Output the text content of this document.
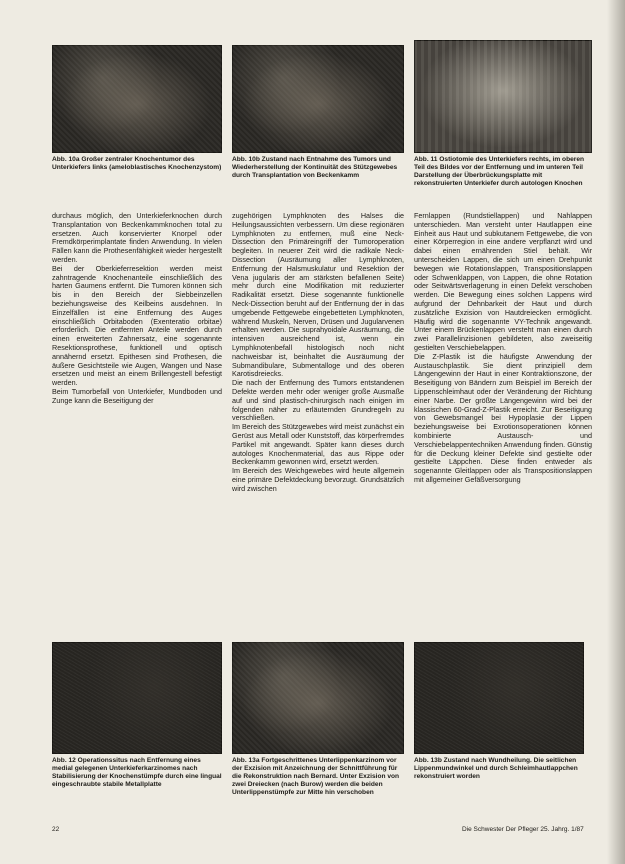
Abb. 10a Großer zentraler Knochentumor des Unterkiefers links (ameloblastisches Knochenzystom)
Abb. 10b Zustand nach Entnahme des Tumors und Wiederherstellung der Kontinuität des Stützgewebes durch Transplantation von Beckenkamm
Abb. 11 Ostiotomie des Unterkiefers rechts, im oberen Teil des Bildes vor der Entfernung und im unteren Teil Darstellung der Überbrückungsplatte mit rekonstruierten Unterkiefer durch autologen Knochen

durchaus möglich, den Unterkieferknochen durch Transplantation von Beckenkammknochen total zu ersetzen. Auch konservierter Knorpel oder Fremdkörperimplantate finden Anwendung. In vielen Fällen kann die Prothesenfähigkeit wieder hergestellt werden.

Bei der Oberkieferresektion werden meist zahntragende Knochenanteile einschließlich des harten Gaumens entfernt. Die Tumoren können sich bis in den Bereich der Siebbeinzellen beziehungsweise des Keilbeins ausdehnen. In Einzelfällen ist eine Entfernung des Auges einschließlich Orbitaboden (Exenteratio orbitae) erforderlich. Die entfernten Anteile werden durch einen erweiterten Zahnersatz, eine sogenannte Resektionsprothese, funktionell und optisch annähernd ersetzt. Epithesen sind Prothesen, die äußere Gesichtsteile wie Augen, Wangen und Nase ersetzen und meist an einem Brillengestell befestigt werden.

Beim Tumorbefall von Unterkiefer, Mundboden und Zunge kann die Beseitigung der

zugehörigen Lymphknoten des Halses die Heilungsaussichten verbessern. Um diese regionären Lymphknoten zu entfernen, muß eine Neck-Dissection den Primäreingriff der Tumoroperation begleiten. In neuerer Zeit wird die radikale Neck-Dissection (Ausräumung aller Lymphknoten, Entfernung der Halsmuskulatur und Resektion der Vena jugularis der am stärksten befallenen Seite) mehr durch eine Modifikation mit reduzierter Radikalität ersetzt. Diese sogenannte funktionelle Neck-Dissection beruht auf der Entfernung der in das umgebende Fettgewebe eingebetteten Lymphknoten, während Muskeln, Nerven, Drüsen und Jugularvenen erhalten werden. Die suprahyoidale Ausräumung, die intensiven ausreichend ist, wenn ein Lymphknotenbefall histologisch noch nicht nachweisbar ist, beinhaltet die Ausräumung der Submandibulare, Submentalloge und des oberen Karotisdreiecks.

Die nach der Entfernung des Tumors entstandenen Defekte werden mehr oder weniger große Ausmaße auf und sind plastisch-chirurgisch nach einigen im folgenden näher zu erläuternden Grundregeln zu verschließen.

Im Bereich des Stützgewebes wird meist zunächst ein Gerüst aus Metall oder Kunststoff, das körperfremdes Partikel mit angewandt. Später kann dieses durch autologes Knochenmaterial, das aus Rippe oder Beckenkamm gewonnen wird, ersetzt werden.

Im Bereich des Weichgewebes wird heute allgemein eine primäre Defektdeckung bevorzugt. Grundsätzlich wird zwischen

Fernlappen (Rundstiellappen) und Nahlappen unterschieden. Man versteht unter Hautlappen eine Einheit aus Haut und subkutanem Fettgewebe, die von einer Körperregion in eine andere verpflanzt wird und dabei einen ernährenden Stiel behält. Wir unterscheiden Lappen, die sich um einen Drehpunkt bewegen wie Rotationslappen, Transpositionslappen oder Schwenklappen, von Lappen, die ohne Rotation oder Seitwärtsverlagerung in einen Defekt verschoben werden. Die Bewegung eines solchen Lappens wird aufgrund der Dehnbarkeit der Haut und durch zusätzliche Exzision von Hautdreiecken ermöglicht. Häufig wird die sogenannte VY-Technik angewandt. Unter einem Brückenlappen versteht man einen durch zwei Parallelinzisionen gebildeten, also zweiseitig gestielten Verschiebelappen.

Die Z-Plastik ist die häufigste Anwendung der Austauschplastik. Sie dient prinzipiell dem Längengewinn der Haut in einer Kontraktionszone, der Beseitigung von Bändern zum Beispiel im Bereich der Lippenschleimhaut oder der Veränderung der Richtung einer Narbe. Der größte Längengewinn wird bei der klassischen 60-Grad-Z-Plastik erreicht. Zur Beseitigung von Gewebsmangel bei Hypoplasie der Lippen beziehungsweise bei Exrotionsoperationen können kombinierte Austausch- und Verschiebelappentechniken Anwendung finden. Günstig für die Deckung kleiner Defekte sind gestielte oder gestielte Läppchen. Diese finden entweder als sogenannte Gleitlappen oder als Transpositionslappen mit allgemeiner Gefäßversorgung

Abb. 12 Operationssitus nach Entfernung eines medial gelegenen Unterkieferkarzinomes nach Stabilisierung der Knochenstümpfe durch eine lingual eingeschraubte stabile Metallplatte
Abb. 13a Fortgeschrittenes Unterlippenkarzinom vor der Exzision mit Anzeichnung der Schnittführung für die Rekonstruktion nach Bernard. Unter Exzision von zwei Dreiecken (nach Burow) werden die beiden Unterlippenstümpfe zur Mitte hin verschoben
Abb. 13b Zustand nach Wundheilung. Die seitlichen Lippenmundwinkel und durch Schleimhautlappchen rekonstruiert worden
22	Die Schwester Der Pfleger 25. Jahrg. 1/87
